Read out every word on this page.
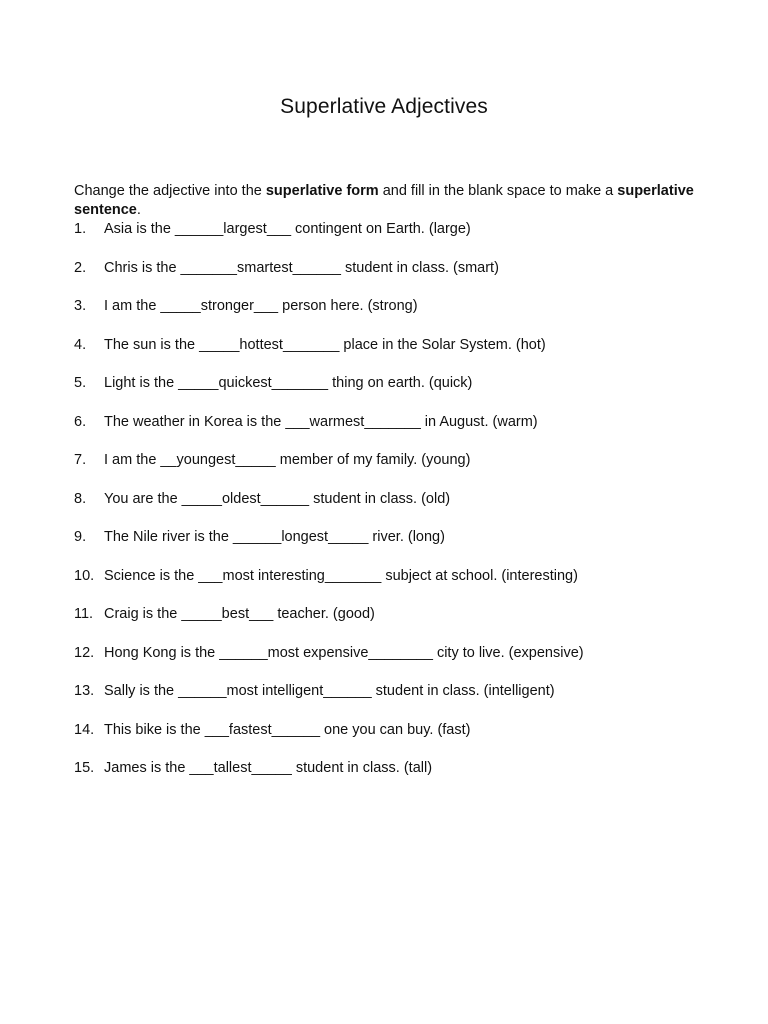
Superlative Adjectives
Change the adjective into the superlative form and fill in the blank space to make a superlative sentence.
1. Asia is the ______largest___ contingent on Earth. (large)
2. Chris is the _______smartest______ student in class. (smart)
3. I am the _____stronger___ person here. (strong)
4. The sun is the _____hottest_______ place in the Solar System. (hot)
5. Light is the _____quickest_______ thing on earth. (quick)
6. The weather in Korea is the ___warmest_______ in August. (warm)
7. I am the __youngest_____ member of my family. (young)
8. You are the _____oldest______ student in class. (old)
9. The Nile river is the ______longest_____ river. (long)
10. Science is the ___most interesting_______ subject at school. (interesting)
11. Craig is the _____best___ teacher. (good)
12. Hong Kong is the ______most expensive________ city to live. (expensive)
13. Sally is the ______most intelligent______ student in class. (intelligent)
14. This bike is the ___fastest______ one you can buy. (fast)
15. James is the ___tallest_____ student in class. (tall)
